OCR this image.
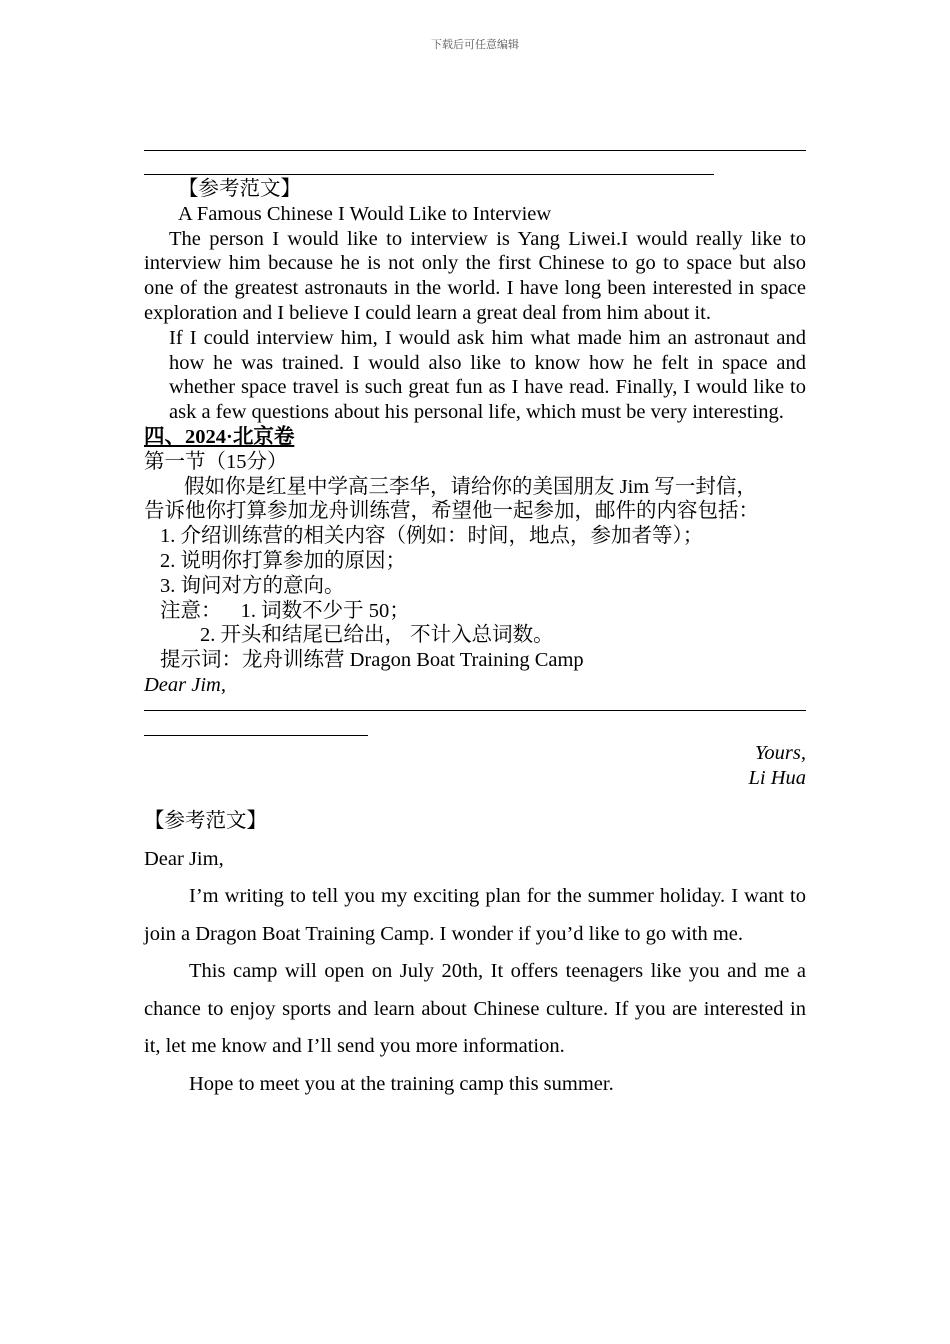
下载后可任意编辑
【参考范文】
A Famous Chinese I Would Like to Interview
The person I would like to interview is Yang Liwei.I would really like to interview him because he is not only the first Chinese to go to space but also one of the greatest astronauts in the world. I have long been interested in space exploration and I believe I could learn a great deal from him about it.
If I could interview him, I would ask him what made him an astronaut and how he was trained. I would also like to know how he felt in space and whether space travel is such great fun as I have read. Finally, I would like to ask a few questions about his personal life, which must be very interesting.
四、2024·北京卷
第一节（15分）
假如你是红星中学高三李华，请给你的美国朋友 Jim 写一封信，
告诉他你打算参加龙舟训练营，希望他一起参加，邮件的内容包括：
1. 介绍训练营的相关内容（例如：时间，地点，参加者等）；
2. 说明你打算参加的原因；
3. 询问对方的意向。
注意： 1. 词数不少于 50；
2. 开头和结尾已给出， 不计入总词数。
提示词：龙舟训练营 Dragon Boat Training Camp
Dear Jim,
Yours,
Li Hua
【参考范文】
Dear Jim,
I’m writing to tell you my exciting plan for the summer holiday. I want to join a Dragon Boat Training Camp. I wonder if you’d like to go with me.
This camp will open on July 20th, It offers teenagers like you and me a chance to enjoy sports and learn about Chinese culture. If you are interested in it, let me know and I’ll send you more information.
Hope to meet you at the training camp this summer.
